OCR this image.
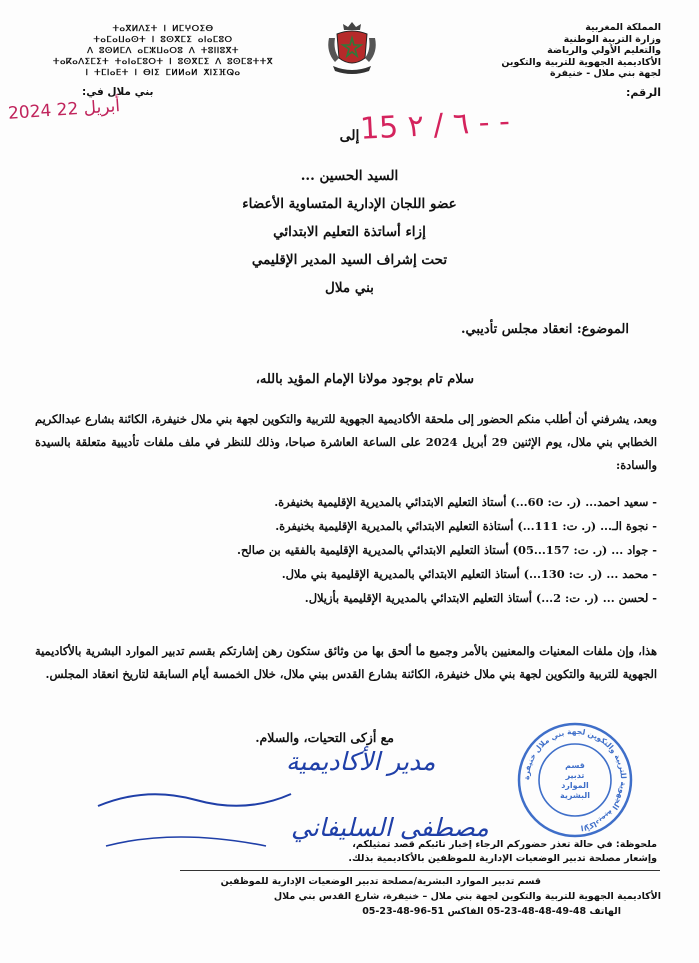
المملكة المغربية
وزارة التربية الوطنية
والتعليم الأولي والرياضة
الأكاديمية الجهوية للتربية والتكوين
لجهة بني ملال - خنيفرة
ⵜⴰⴳⵍⴷⵉⵜ ⵏ ⵍⵎⵖⵔⵉⴱ
ⵜⴰⵎⴰⵡⴰⵙⵜ ⵏ ⵓⵙⴳⵎⵉ ⴰⵏⴰⵎⵓⵔ
ⴷ ⵓⵙⵍⵎⴷ ⴰⵎⵣⵡⴰⵔⵓ ⴷ ⵜⵓⵏⵏⵓⴳⵜ
ⵜⴰⴽⴰⴷⵉⵎⵉⵜ ⵜⴰⵏⴰⵎⵓⵔⵜ ⵏ ⵓⵙⴳⵎⵉ ⴷ ⵓⵙⵎⵓⵜⵜⴳ
ⵏ ⵜⵎⵏⴰⴹⵜ ⵏ ⴱⵏⵉ ⵎⵍⵍⴰⵍ ⵅⵏⵉⴼⵕⴰ
الرقم:
بني ملال في:
2024 أبريل 22
15 ٦ / ٢ - -
إلى
السيد الحسين ...
عضو اللجان الإدارية المتساوية الأعضاء
إزاء أساتذة التعليم الابتدائي
تحت إشراف السيد المدير الإقليمي
بني ملال
الموضوع: انعقاد مجلس تأديبي.
سلام تام بوجود مولانا الإمام المؤيد بالله،
وبعد، يشرفني أن أطلب منكم الحضور إلى ملحقة الأكاديمية الجهوية للتربية والتكوين لجهة بني ملال خنيفرة، الكائنة بشارع عبدالكريم الخطابي بني ملال، يوم الإثنين 29 أبريل 2024 على الساعة العاشرة صباحا، وذلك للنظر في ملف ملفات تأديبية متعلقة بالسيدة والسادة:
- سعيد احمد... (ر. ت: 60...) أستاذ التعليم الابتدائي بالمديرية الإقليمية بخنيفرة.
- نجوة الـ... (ر. ت: 111...) أستاذة التعليم الابتدائي بالمديرية الإقليمية بخنيفرة.
- جواد ... (ر. ت: 157...05) أستاذ التعليم الابتدائي بالمديرية الإقليمية بالفقيه بن صالح.
- محمد ... (ر. ت: 130...) أستاذ التعليم الابتدائي بالمديرية الإقليمية بني ملال.
- لحسن ... (ر. ت: 2...) أستاذ التعليم الابتدائي بالمديرية الإقليمية بأزيلال.
هذا، وإن ملفات المعنيات والمعنيين بالأمر وجميع ما ألحق بها من وثائق ستكون رهن إشارتكم بقسم تدبير الموارد البشرية بالأكاديمية الجهوية للتربية والتكوين لجهة بني ملال خنيفرة، الكائنة بشارع القدس ببني ملال، خلال الخمسة أيام السابقة لتاريخ انعقاد المجلس.
مع أزكى التحيات، والسلام.
مدير الأكاديمية
مصطفى السليفاني
الأكاديمية الجهوية للتربية والتكوين لجهة بني ملال خنيفرة
قسم
تدبير
الموارد
البشرية
ملحوظة: في حالة تعذر حضوركم الرجاء إخبار نائبكم قصد تمثيلكم،
وإشعار مصلحة تدبير الوضعيات الإدارية للموظفين بالأكاديمية بذلك.
قسم تدبير الموارد البشرية/مصلحة تدبير الوضعيات الإدارية للموظفين
الأكاديمية الجهوية للتربية والتكوين لجهة بني ملال – خنيفرة، شارع القدس بني ملال
الهاتف 48-49-48-48-23-05 الفاكس 51-96-48-23-05
